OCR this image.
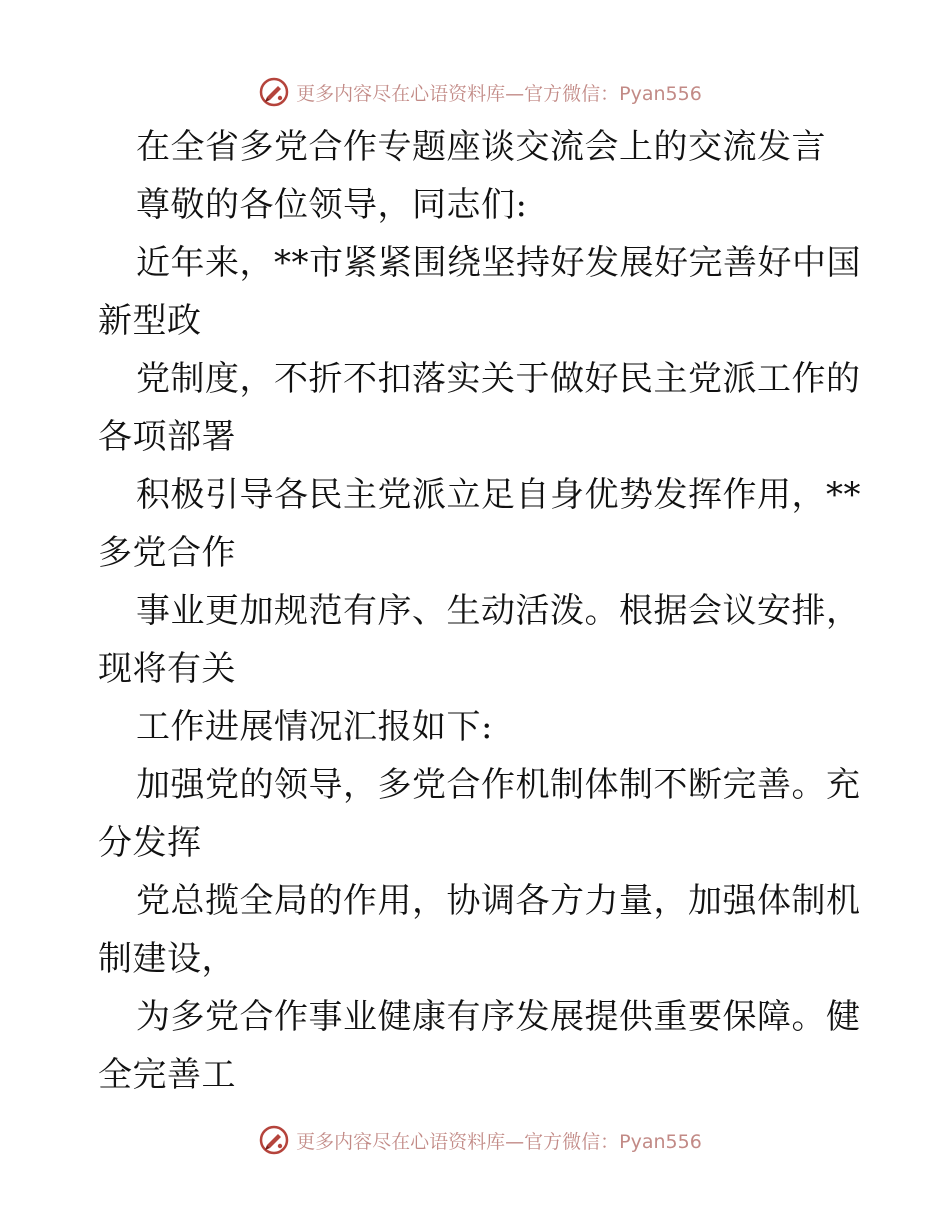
更多内容尽在心语资料库—官方微信：Pyan556
在全省多党合作专题座谈交流会上的交流发言
尊敬的各位领导，同志们:
近年来，**市紧紧围绕坚持好发展好完善好中国
新型政
党制度，不折不扣落实关于做好民主党派工作的
各项部署
积极引导各民主党派立足自身优势发挥作用，**
多党合作
事业更加规范有序、生动活泼。根据会议安排，
现将有关
工作进展情况汇报如下:
加强党的领导，多党合作机制体制不断完善。充
分发挥
党总揽全局的作用，协调各方力量，加强体制机
制建设，
为多党合作事业健康有序发展提供重要保障。健
全完善工
更多内容尽在心语资料库—官方微信：Pyan556
